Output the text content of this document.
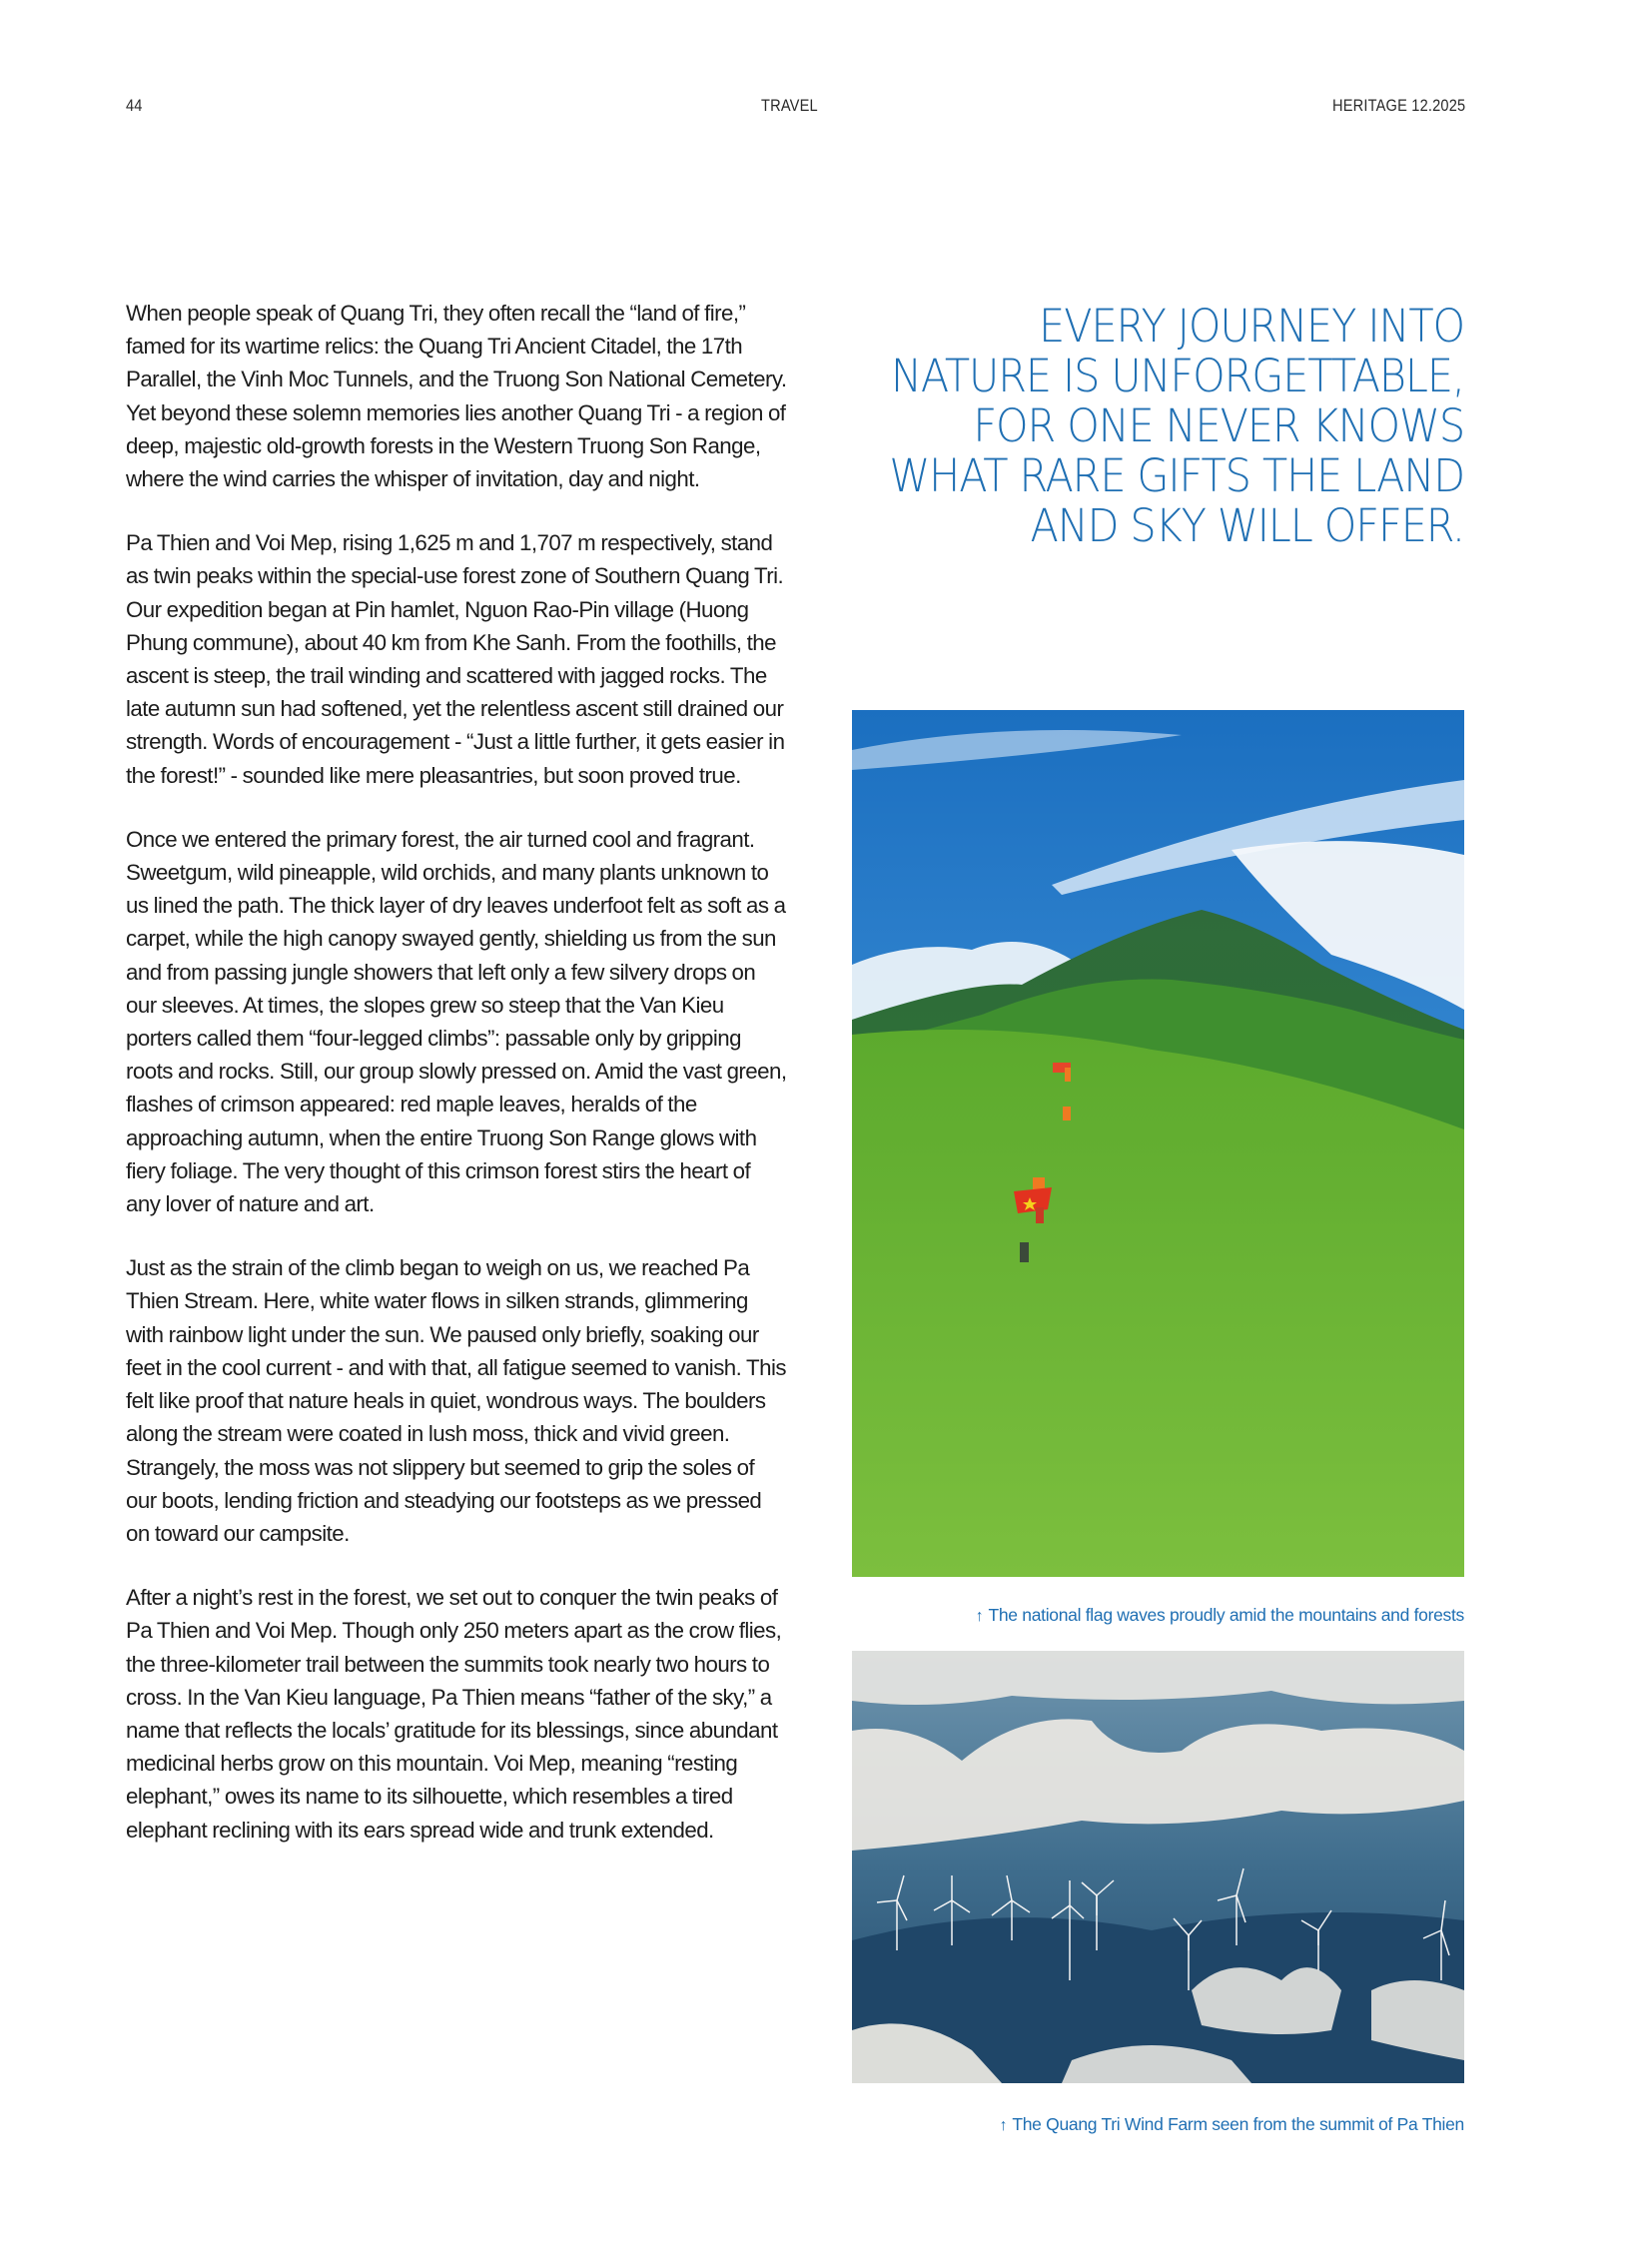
44	TRAVEL	HERITAGE 12.2025

When people speak of Quang Tri, they often recall the “land of fire,” famed for its wartime relics: the Quang Tri Ancient Citadel, the 17th Parallel, the Vinh Moc Tunnels, and the Truong Son National Cemetery. Yet beyond these solemn memories lies another Quang Tri - a region of deep, majestic old-growth forests in the Western Truong Son Range, where the wind carries the whisper of invitation, day and night.

Pa Thien and Voi Mep, rising 1,625 m and 1,707 m respectively, stand as twin peaks within the special-use forest zone of Southern Quang Tri. Our expedition began at Pin hamlet, Nguon Rao-Pin village (Huong Phung commune), about 40 km from Khe Sanh. From the foothills, the ascent is steep, the trail winding and scattered with jagged rocks. The late autumn sun had softened, yet the relentless ascent still drained our strength. Words of encouragement - “Just a little further, it gets easier in the forest!” - sounded like mere pleasantries, but soon proved true.

Once we entered the primary forest, the air turned cool and fragrant. Sweetgum, wild pineapple, wild orchids, and many plants unknown to us lined the path. The thick layer of dry leaves underfoot felt as soft as a carpet, while the high canopy swayed gently, shielding us from the sun and from passing jungle showers that left only a few silvery drops on our sleeves. At times, the slopes grew so steep that the Van Kieu porters called them “four-legged climbs”: passable only by gripping roots and rocks. Still, our group slowly pressed on. Amid the vast green, flashes of crimson appeared: red maple leaves, heralds of the approaching autumn, when the entire Truong Son Range glows with fiery foliage. The very thought of this crimson forest stirs the heart of any lover of nature and art.

Just as the strain of the climb began to weigh on us, we reached Pa Thien Stream. Here, white water flows in silken strands, glimmering with rainbow light under the sun. We paused only briefly, soaking our feet in the cool current - and with that, all fatigue seemed to vanish. This felt like proof that nature heals in quiet, wondrous ways. The boulders along the stream were coated in lush moss, thick and vivid green. Strangely, the moss was not slippery but seemed to grip the soles of our boots, lending friction and steadying our footsteps as we pressed on toward our campsite.

After a night’s rest in the forest, we set out to conquer the twin peaks of Pa Thien and Voi Mep. Though only 250 meters apart as the crow flies, the three-kilometer trail between the summits took nearly two hours to cross. In the Van Kieu language, Pa Thien means “father of the sky,” a name that reflects the locals’ gratitude for its blessings, since abundant medicinal herbs grow on this mountain. Voi Mep, meaning “resting elephant,” owes its name to its silhouette, which resembles a tired elephant reclining with its ears spread wide and trunk extended.

EVERY JOURNEY INTO
NATURE IS UNFORGETTABLE,
FOR ONE NEVER KNOWS
WHAT RARE GIFTS THE LAND
AND SKY WILL OFFER.
↑ The national flag waves proudly amid the mountains and forests
↑ The Quang Tri Wind Farm seen from the summit of Pa Thien
